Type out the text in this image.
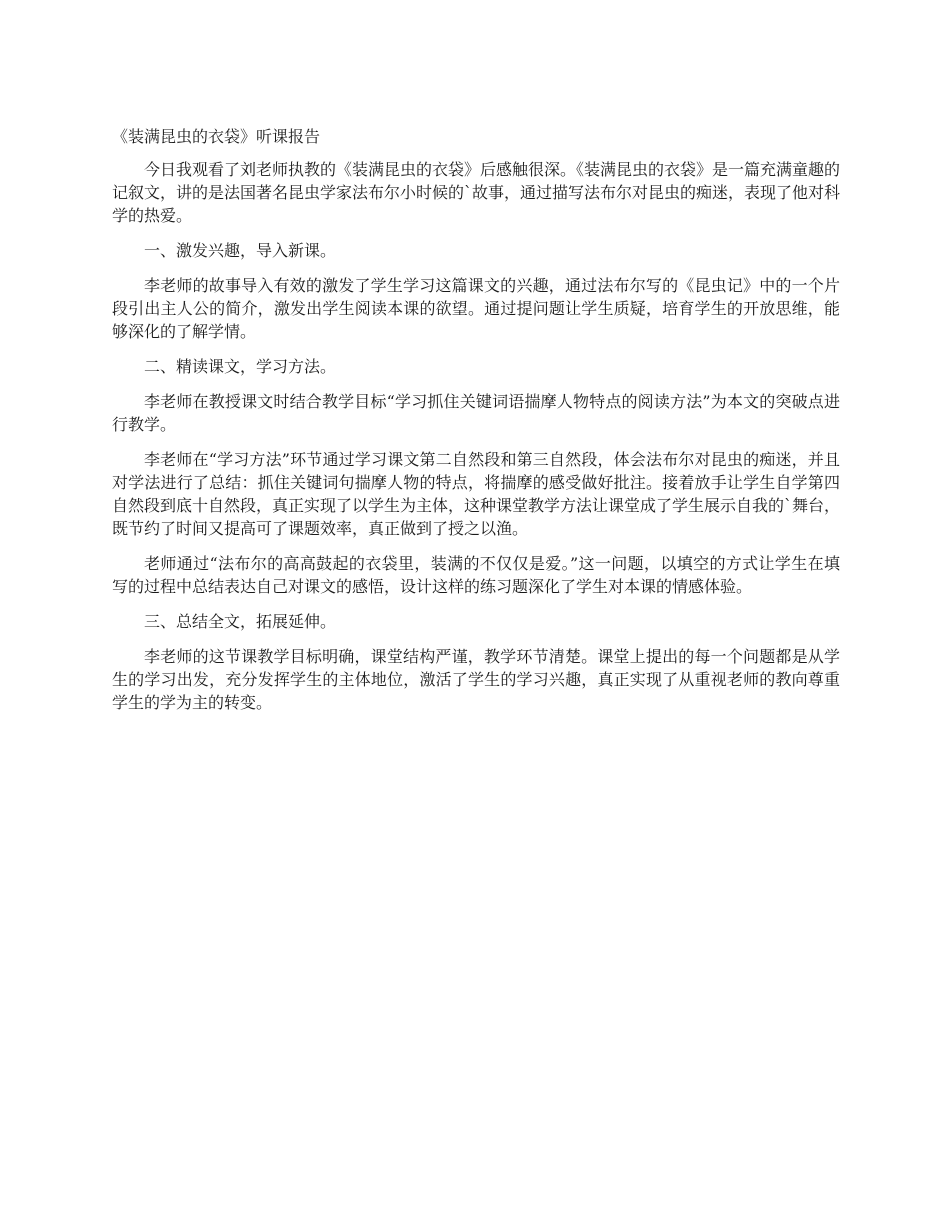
《装满昆虫的衣袋》听课报告

今日我观看了刘老师执教的《装满昆虫的衣袋》后感触很深。《装满昆虫的衣袋》是一篇充满童趣的记叙文，讲的是法国著名昆虫学家法布尔小时候的`故事，通过描写法布尔对昆虫的痴迷，表现了他对科学的热爱。

一、激发兴趣，导入新课。

李老师的故事导入有效的激发了学生学习这篇课文的兴趣，通过法布尔写的《昆虫记》中的一个片段引出主人公的简介，激发出学生阅读本课的欲望。通过提问题让学生质疑，培育学生的开放思维，能够深化的了解学情。

二、精读课文，学习方法。

李老师在教授课文时结合教学目标“学习抓住关键词语揣摩人物特点的阅读方法”为本文的突破点进行教学。

李老师在“学习方法”环节通过学习课文第二自然段和第三自然段，体会法布尔对昆虫的痴迷，并且对学法进行了总结：抓住关键词句揣摩人物的特点，将揣摩的感受做好批注。接着放手让学生自学第四自然段到底十自然段，真正实现了以学生为主体，这种课堂教学方法让课堂成了学生展示自我的`舞台，既节约了时间又提高可了课题效率，真正做到了授之以渔。

老师通过“法布尔的高高鼓起的衣袋里，装满的不仅仅是爱。”这一问题，以填空的方式让学生在填写的过程中总结表达自己对课文的感悟，设计这样的练习题深化了学生对本课的情感体验。

三、总结全文，拓展延伸。

李老师的这节课教学目标明确，课堂结构严谨，教学环节清楚。课堂上提出的每一个问题都是从学生的学习出发，充分发挥学生的主体地位，激活了学生的学习兴趣，真正实现了从重视老师的教向尊重学生的学为主的转变。
